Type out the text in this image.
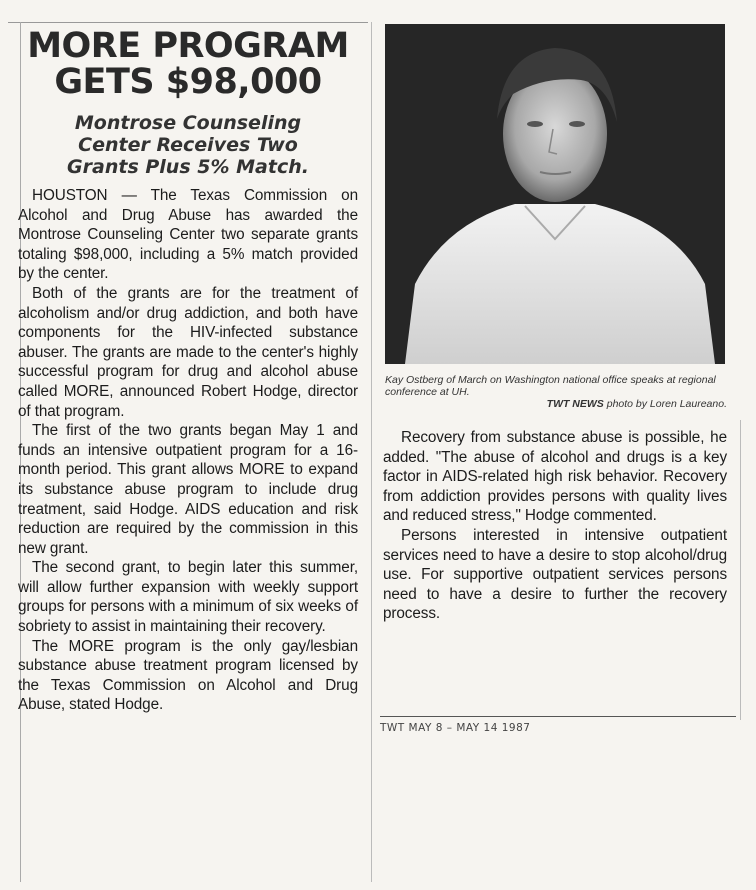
MORE PROGRAM
GETS $98,000
Montrose Counseling
Center Receives Two
Grants Plus 5% Match.

HOUSTON — The Texas Commission on Alcohol and Drug Abuse has awarded the Montrose Counseling Center two separate grants totaling $98,000, including a 5% match provided by the center.

Both of the grants are for the treatment of alcoholism and/or drug addiction, and both have components for the HIV-infected substance abuser. The grants are made to the center's highly successful program for drug and alcohol abuse called MORE, announced Robert Hodge, director of that program.

The first of the two grants began May 1 and funds an intensive outpatient program for a 16-month period. This grant allows MORE to expand its substance abuse program to include drug treatment, said Hodge. AIDS education and risk reduction are required by the commission in this new grant.

The second grant, to begin later this summer, will allow further expansion with weekly support groups for persons with a minimum of six weeks of sobriety to assist in maintaining their recovery.

The MORE program is the only gay/lesbian substance abuse treatment program licensed by the Texas Commission on Alcohol and Drug Abuse, stated Hodge.

Kay Ostberg of March on Washington national office speaks at regional conference at UH.
TWT NEWS photo by Loren Laureano.

Recovery from substance abuse is possible, he added. "The abuse of alcohol and drugs is a key factor in AIDS-related high risk behavior. Recovery from addiction provides persons with quality lives and reduced stress," Hodge commented.

Persons interested in intensive outpatient services need to have a desire to stop alcohol/drug use. For supportive outpatient services persons need to have a desire to further the recovery process.

TWT MAY 8 – MAY 14 1987
